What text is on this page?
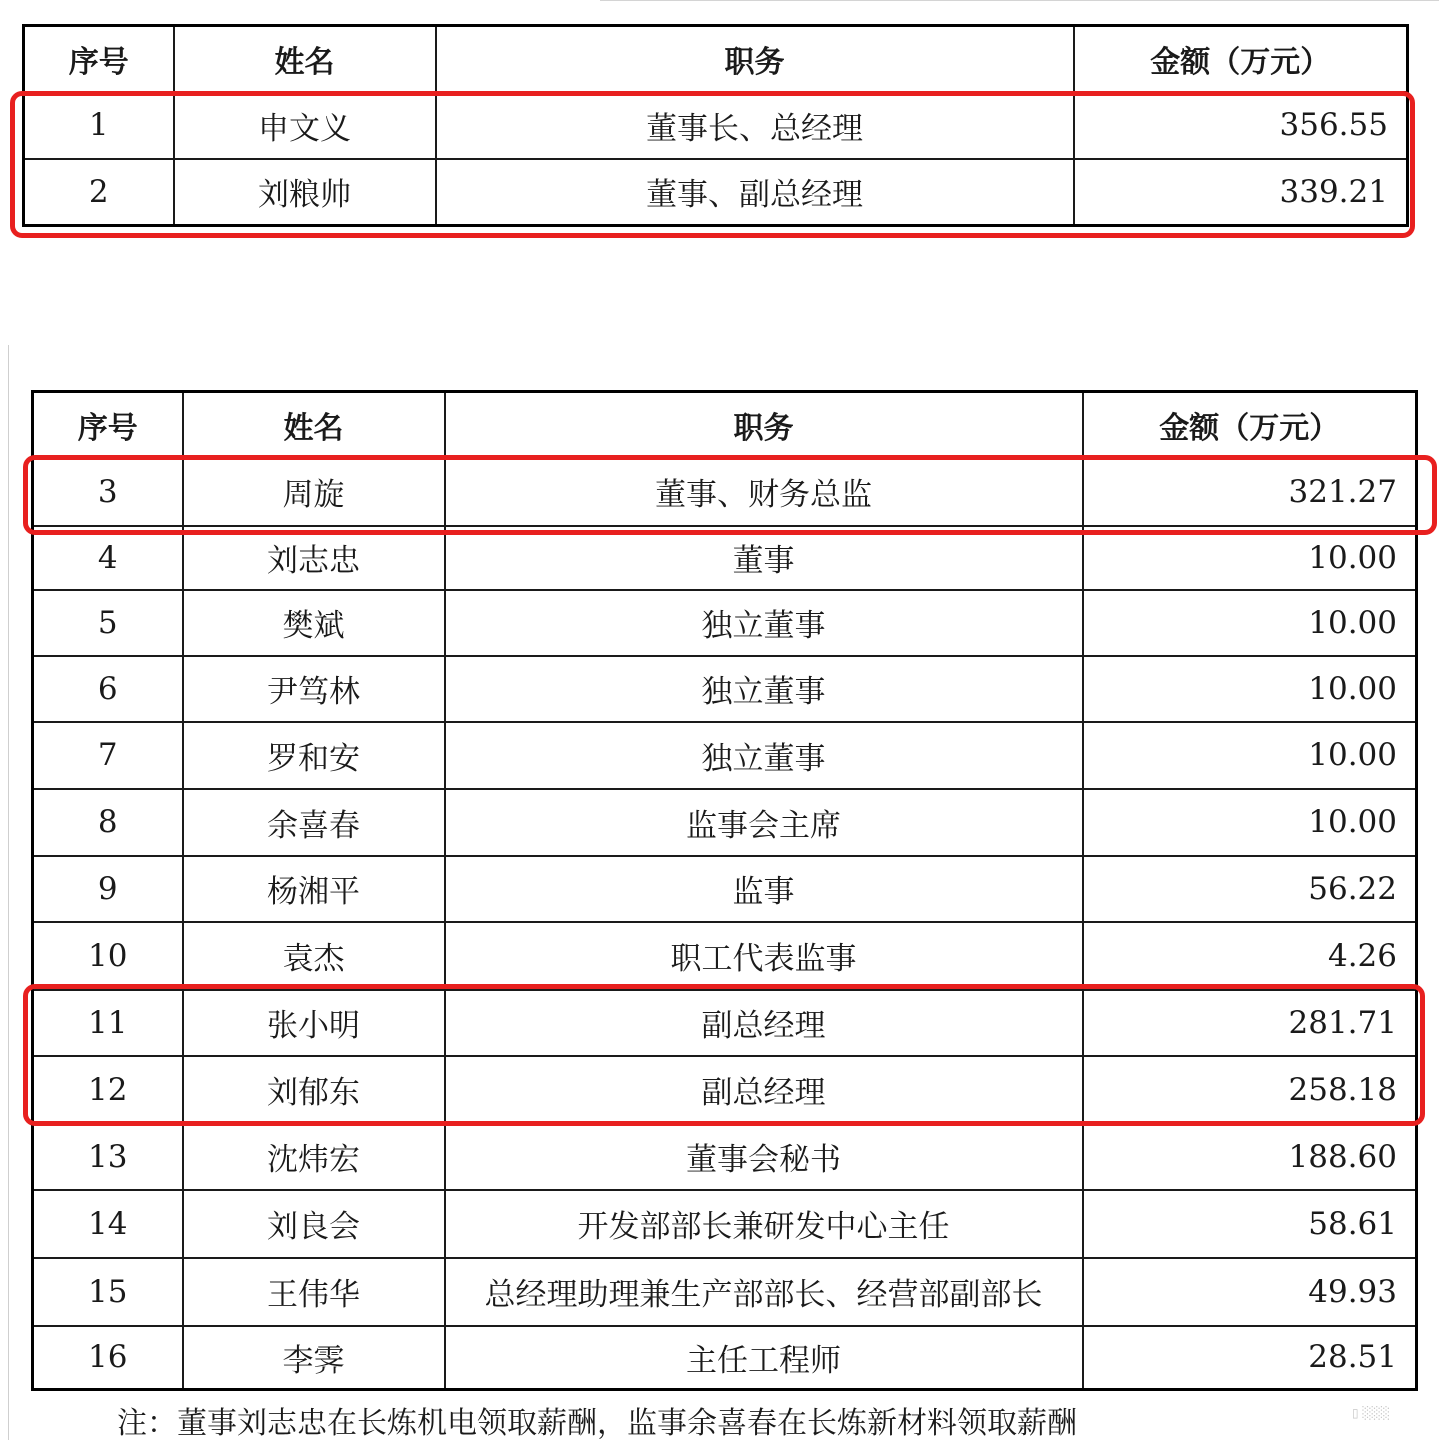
序号	姓名	职务	金额（万元）
1	申文义	董事长、总经理	356.55
2	刘粮帅	董事、副总经理	339.21
序号	姓名	职务	金额（万元）
3	周旋	董事、财务总监	321.27
4	刘志忠	董事	10.00
5	樊斌	独立董事	10.00
6	尹笃林	独立董事	10.00
7	罗和安	独立董事	10.00
8	余喜春	监事会主席	10.00
9	杨湘平	监事	56.22
10	袁杰	职工代表监事	4.26
11	张小明	副总经理	281.71
12	刘郁东	副总经理	258.18
13	沈炜宏	董事会秘书	188.60
14	刘良会	开发部部长兼研发中心主任	58.61
15	王伟华	总经理助理兼生产部部长、经营部副部长	49.93
16	李霁	主任工程师	28.51
注：董事刘志忠在长炼机电领取薪酬，监事余喜春在长炼新材料领取薪酬	▯ ░░░
